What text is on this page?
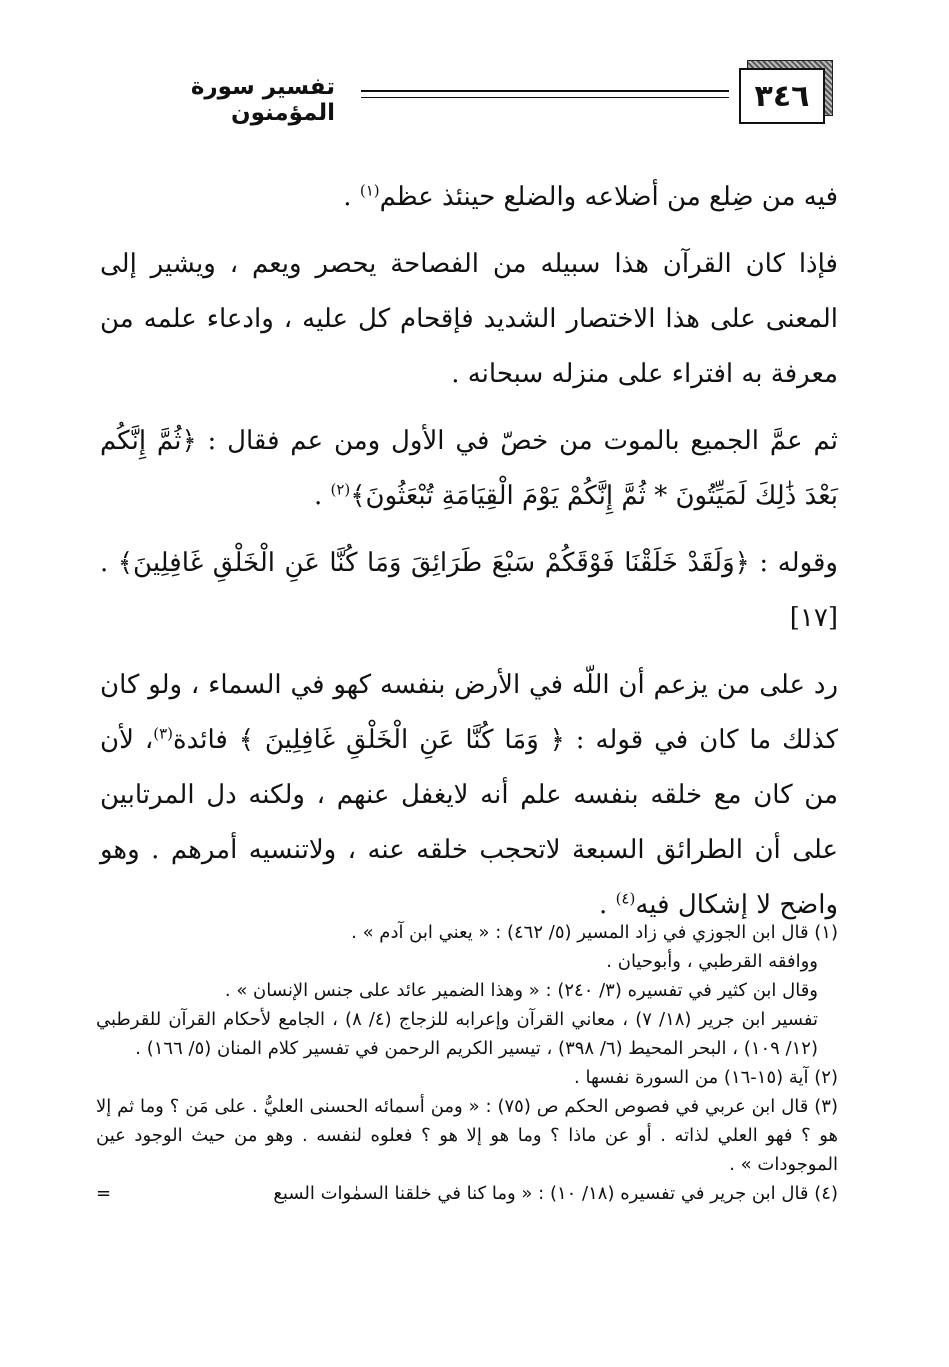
٣٤٦
تفسير سورة المؤمنون

فيه من ضِلع من أضلاعه والضلع حينئذ عظم$^{(١)}$ .

فإذا كان القرآن هذا سبيله من الفصاحة يحصر ويعم ، ويشير إلى المعنى على هذا الاختصار الشديد فإقحام كل عليه ، وادعاء علمه من معرفة به افتراء على منزله سبحانه .

ثم عمَّ الجميع بالموت من خصّ في الأول ومن عم فقال : ﴿ثُمَّ إِنَّكُم بَعْدَ ذَٰلِكَ لَمَيِّتُونَ * ثُمَّ إِنَّكُمْ يَوْمَ الْقِيَامَةِ تُبْعَثُونَ﴾$^{(٢)}$ .

وقوله : ﴿وَلَقَدْ خَلَقْنَا فَوْقَكُمْ سَبْعَ طَرَائِقَ وَمَا كُنَّا عَنِ الْخَلْقِ غَافِلِينَ﴾ . [١٧]

رد على من يزعم أن اللّه في الأرض بنفسه كهو في السماء ، ولو كان كذلك ما كان في قوله : ﴿ وَمَا كُنَّا عَنِ الْخَلْقِ غَافِلِينَ ﴾ فائدة$^{(٣)}$، لأن من كان مع خلقه بنفسه علم أنه لايغفل عنهم ، ولكنه دل المرتابين على أن الطرائق السبعة لاتحجب خلقه عنه ، ولاتنسيه أمرهم . وهو واضح لا إشكال فيه$^{(٤)}$ .

(١) قال ابن الجوزي في زاد المسير (٥/ ٤٦٢) : « يعني ابن آدم » .

ووافقه القرطبي ، وأبوحيان .

وقال ابن كثير في تفسيره (٣/ ٢٤٠) : « وهذا الضمير عائد على جنس الإنسان » .

تفسير ابن جرير (١٨/ ٧) ، معاني القرآن وإعرابه للزجاج (٤/ ٨) ، الجامع لأحكام القرآن للقرطبي (١٢/ ١٠٩) ، البحر المحيط (٦/ ٣٩٨) ، تيسير الكريم الرحمن في تفسير كلام المنان (٥/ ١٦٦) .

(٢) آية (١٥-١٦) من السورة نفسها .

(٣) قال ابن عربي في فصوص الحكم ص (٧٥) : « ومن أسمائه الحسنى العليُّ . على مَن ؟ وما ثم إلا هو ؟ فهو العلي لذاته . أو عن ماذا ؟ وما هو إلا هو ؟ فعلوه لنفسه . وهو من حيث الوجود عين الموجودات » .

(٤) قال ابن جرير في تفسيره (١٨/ ١٠) : « وما كنا في خلقنا السمٰوات السبع
=
